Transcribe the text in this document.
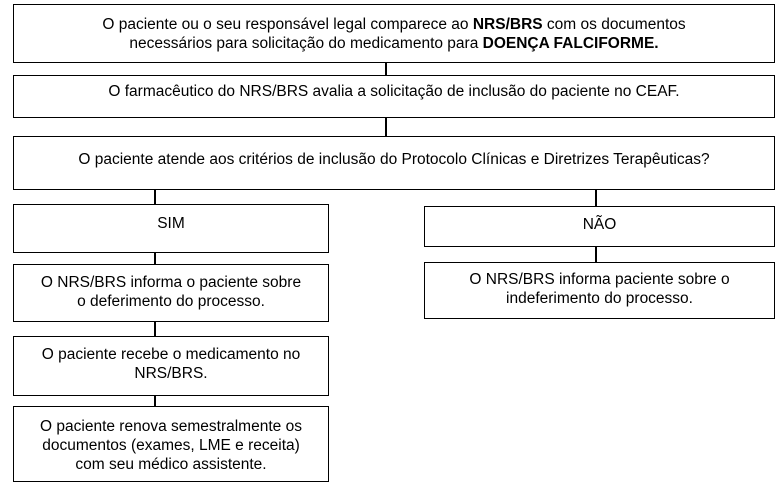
O paciente ou o seu responsável legal comparece ao NRS/BRS com os documentos
necessários para solicitação do medicamento para DOENÇA FALCIFORME.
O farmacêutico do NRS/BRS avalia a solicitação de inclusão do paciente no CEAF.
O paciente atende aos critérios de inclusão do Protocolo Clínicas e Diretrizes Terapêuticas?
SIM	NÃO
O NRS/BRS informa o paciente sobre
o deferimento do processo.
O NRS/BRS informa paciente sobre o
indeferimento do processo.
O paciente recebe o medicamento no
NRS/BRS.
O paciente renova semestralmente os
documentos (exames, LME e receita)
com seu médico assistente.
